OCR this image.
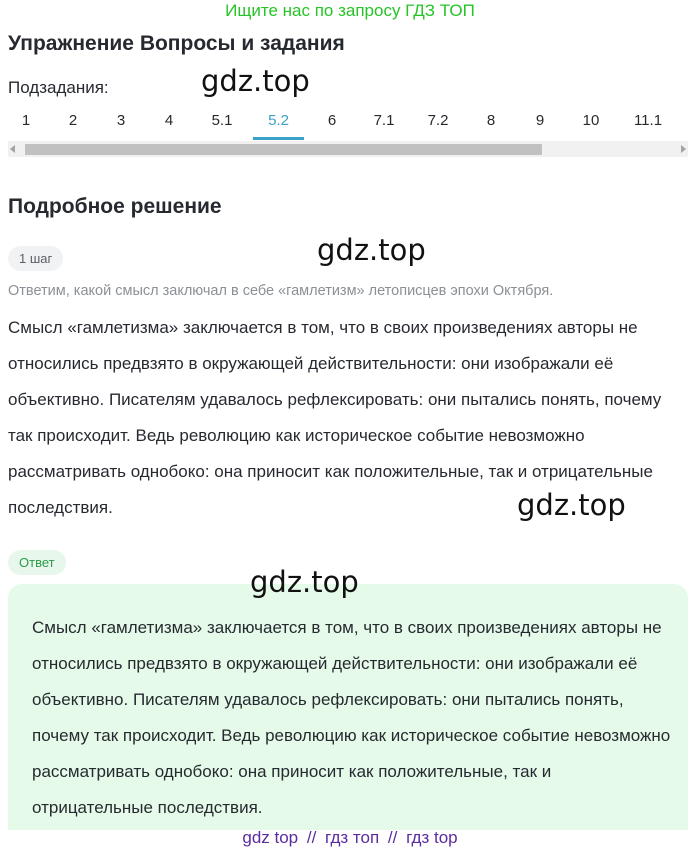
Ищите нас по запросу ГДЗ ТОП
Упражнение Вопросы и задания
Подзадания:	gdz.top
1	2	3	4	5.1	5.2	6	7.1	7.2	8	9	10	11.1
Подробное решение
1 шаг	gdz.top
Ответим, какой смысл заключал в себе «гамлетизм» летописцев эпохи Октября.
Смысл «гамлетизма» заключается в том, что в своих произведениях авторы не относились предвзято в окружающей действительности: они изображали её объективно. Писателям удавалось рефлексировать: они пытались понять, почему так происходит. Ведь революцию как историческое событие невозможно рассматривать однобоко: она приносит как положительные, так и отрицательные последствия.	gdz.top
Ответ
Смысл «гамлетизма» заключается в том, что в своих произведениях авторы не относились предвзято в окружающей действительности: они изображали её объективно. Писателям удавалось рефлексировать: они пытались понять, почему так происходит. Ведь революцию как историческое событие невозможно рассматривать однобоко: она приносит как положительные, так и отрицательные последствия.
gdz.top
gdz top // гдз топ // гдз top
